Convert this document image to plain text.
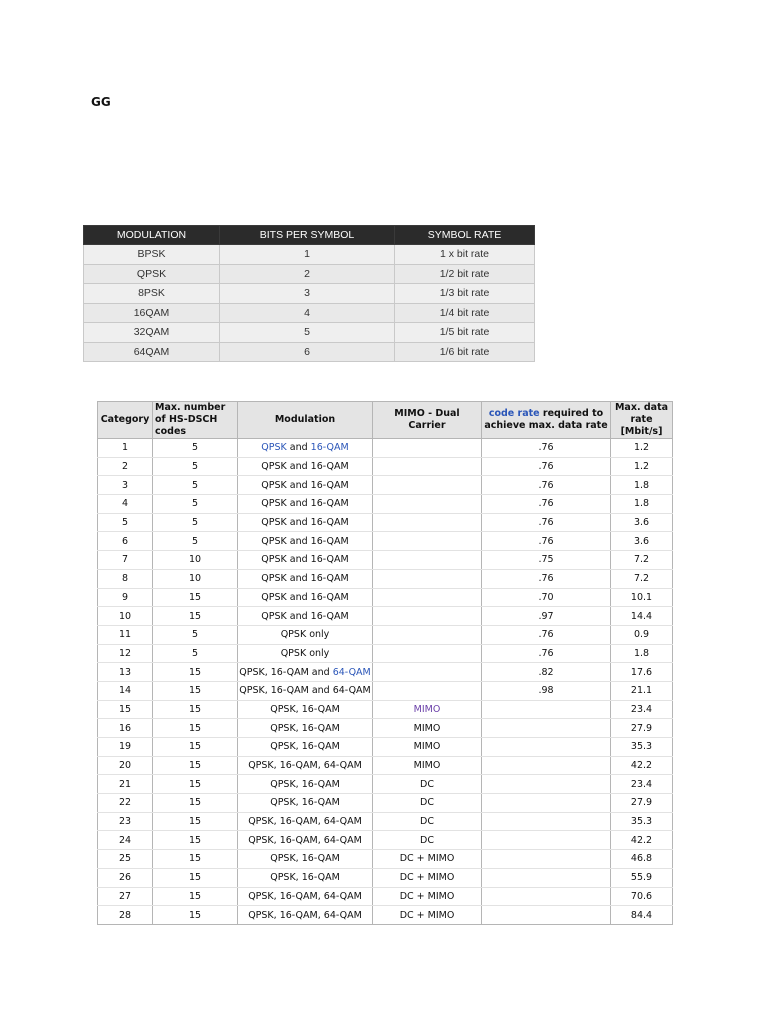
GG
MODULATION	BITS PER SYMBOL	SYMBOL RATE
BPSK	1	1 x bit rate
QPSK	2	1/2 bit rate
8PSK	3	1/3 bit rate
16QAM	4	1/4 bit rate
32QAM	5	1/5 bit rate
64QAM	6	1/6 bit rate
Category	Max. number of HS-DSCH codes	Modulation	MIMO - Dual Carrier	code rate required to achieve max. data rate	Max. data rate [Mbit/s]
1	5	QPSK and 16-QAM		.76	1.2
2	5	QPSK and 16-QAM		.76	1.2
3	5	QPSK and 16-QAM		.76	1.8
4	5	QPSK and 16-QAM		.76	1.8
5	5	QPSK and 16-QAM		.76	3.6
6	5	QPSK and 16-QAM		.76	3.6
7	10	QPSK and 16-QAM		.75	7.2
8	10	QPSK and 16-QAM		.76	7.2
9	15	QPSK and 16-QAM		.70	10.1
10	15	QPSK and 16-QAM		.97	14.4
11	5	QPSK only		.76	0.9
12	5	QPSK only		.76	1.8
13	15	QPSK, 16-QAM and 64-QAM		.82	17.6
14	15	QPSK, 16-QAM and 64-QAM		.98	21.1
15	15	QPSK, 16-QAM	MIMO		23.4
16	15	QPSK, 16-QAM	MIMO		27.9
19	15	QPSK, 16-QAM	MIMO		35.3
20	15	QPSK, 16-QAM, 64-QAM	MIMO		42.2
21	15	QPSK, 16-QAM	DC		23.4
22	15	QPSK, 16-QAM	DC		27.9
23	15	QPSK, 16-QAM, 64-QAM	DC		35.3
24	15	QPSK, 16-QAM, 64-QAM	DC		42.2
25	15	QPSK, 16-QAM	DC + MIMO		46.8
26	15	QPSK, 16-QAM	DC + MIMO		55.9
27	15	QPSK, 16-QAM, 64-QAM	DC + MIMO		70.6
28	15	QPSK, 16-QAM, 64-QAM	DC + MIMO		84.4
